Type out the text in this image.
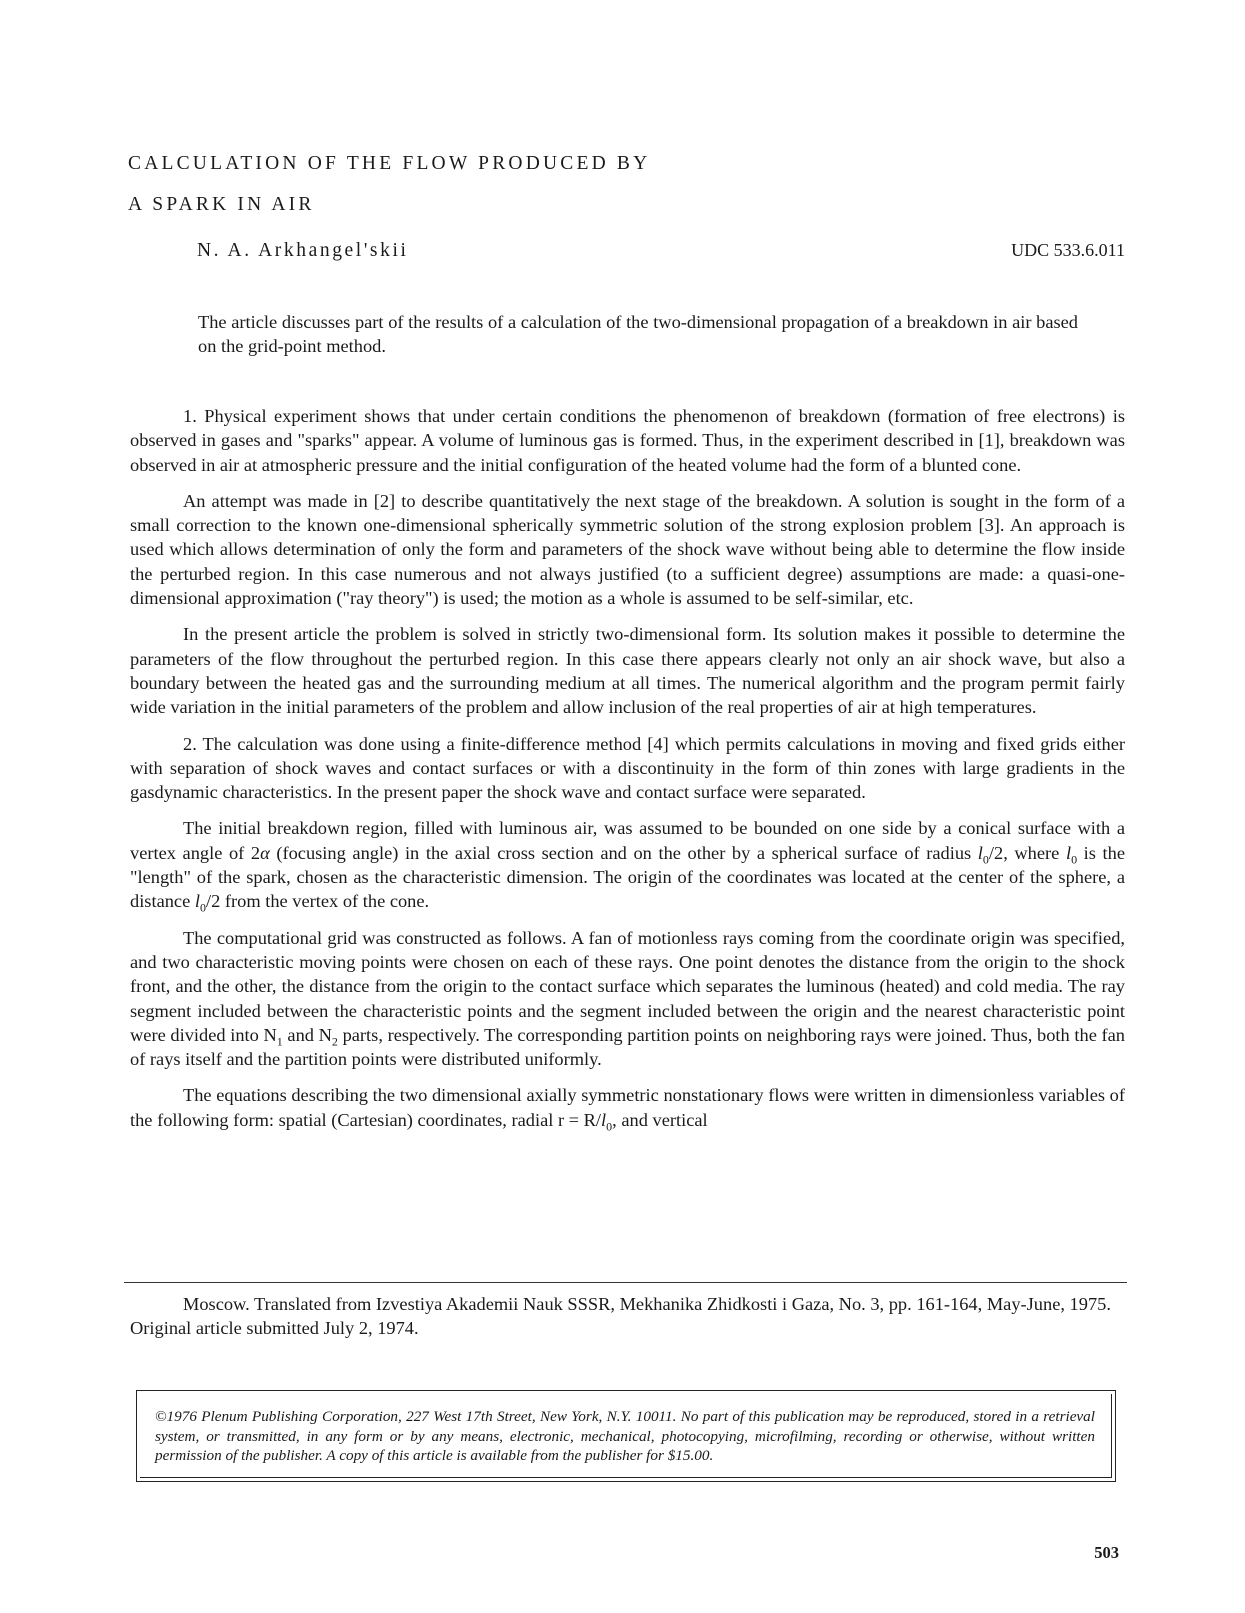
CALCULATION OF THE FLOW PRODUCED BY
A SPARK IN AIR
N. A. Arkhangel'skii	UDC 533.6.011
The article discusses part of the results of a calculation of the two-dimensional propagation of a breakdown in air based on the grid-point method.

1. Physical experiment shows that under certain conditions the phenomenon of breakdown (formation of free electrons) is observed in gases and "sparks" appear. A volume of luminous gas is formed. Thus, in the experiment described in [1], breakdown was observed in air at atmospheric pressure and the initial configuration of the heated volume had the form of a blunted cone.

An attempt was made in [2] to describe quantitatively the next stage of the breakdown. A solution is sought in the form of a small correction to the known one-dimensional spherically symmetric solution of the strong explosion problem [3]. An approach is used which allows determination of only the form and parameters of the shock wave without being able to determine the flow inside the perturbed region. In this case numerous and not always justified (to a sufficient degree) assumptions are made: a quasi-one-dimensional approximation ("ray theory") is used; the motion as a whole is assumed to be self-similar, etc.

In the present article the problem is solved in strictly two-dimensional form. Its solution makes it possible to determine the parameters of the flow throughout the perturbed region. In this case there appears clearly not only an air shock wave, but also a boundary between the heated gas and the surrounding medium at all times. The numerical algorithm and the program permit fairly wide variation in the initial parameters of the problem and allow inclusion of the real properties of air at high temperatures.

2. The calculation was done using a finite-difference method [4] which permits calculations in moving and fixed grids either with separation of shock waves and contact surfaces or with a discontinuity in the form of thin zones with large gradients in the gasdynamic characteristics. In the present paper the shock wave and contact surface were separated.

The initial breakdown region, filled with luminous air, was assumed to be bounded on one side by a conical surface with a vertex angle of 2α (focusing angle) in the axial cross section and on the other by a spherical surface of radius $l_0/2$, where $l_0$ is the "length" of the spark, chosen as the characteristic dimension. The origin of the coordinates was located at the center of the sphere, a distance $l_0/2$ from the vertex of the cone.

The computational grid was constructed as follows. A fan of motionless rays coming from the coordinate origin was specified, and two characteristic moving points were chosen on each of these rays. One point denotes the distance from the origin to the shock front, and the other, the distance from the origin to the contact surface which separates the luminous (heated) and cold media. The ray segment included between the characteristic points and the segment included between the origin and the nearest characteristic point were divided into $N_1$ and $N_2$ parts, respectively. The corresponding partition points on neighboring rays were joined. Thus, both the fan of rays itself and the partition points were distributed uniformly.

The equations describing the two dimensional axially symmetric nonstationary flows were written in dimensionless variables of the following form: spatial (Cartesian) coordinates, radial $r = R/l_0$, and vertical

Moscow. Translated from Izvestiya Akademii Nauk SSSR, Mekhanika Zhidkosti i Gaza, No. 3, pp. 161-164, May-June, 1975. Original article submitted July 2, 1974.
©1976 Plenum Publishing Corporation, 227 West 17th Street, New York, N.Y. 10011. No part of this publication may be reproduced, stored in a retrieval system, or transmitted, in any form or by any means, electronic, mechanical, photocopying, microfilming, recording or otherwise, without written permission of the publisher. A copy of this article is available from the publisher for $15.00.
503
